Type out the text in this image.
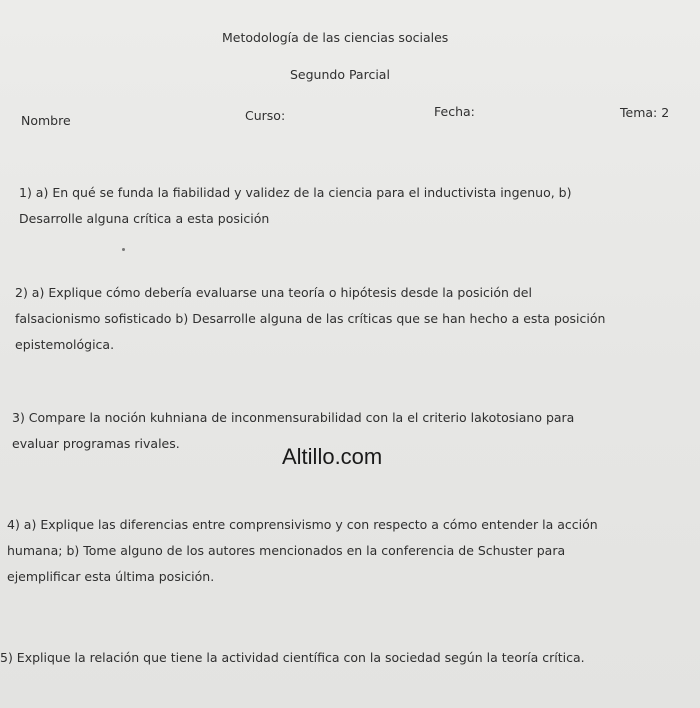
Metodología de las ciencias sociales
Segundo Parcial
Nombre	Curso:	Fecha:	Tema: 2
1) a) En qué se funda la fiabilidad y validez de la ciencia para el inductivista ingenuo, b)
Desarrolle alguna crítica a esta posición
2) a) Explique cómo debería evaluarse una teoría o hipótesis desde la posición del
falsacionismo sofisticado b) Desarrolle alguna de las críticas que se han hecho a esta posición
epistemológica.
3) Compare la noción kuhniana de inconmensurabilidad con la el criterio lakotosiano para
evaluar programas rivales.
Altillo.com
4) a) Explique las diferencias entre comprensivismo y con respecto a cómo entender la acción
humana; b) Tome alguno de los autores mencionados en la conferencia de Schuster para
ejemplificar esta última posición.
5) Explique la relación que tiene la actividad científica con la sociedad según la teoría crítica.
